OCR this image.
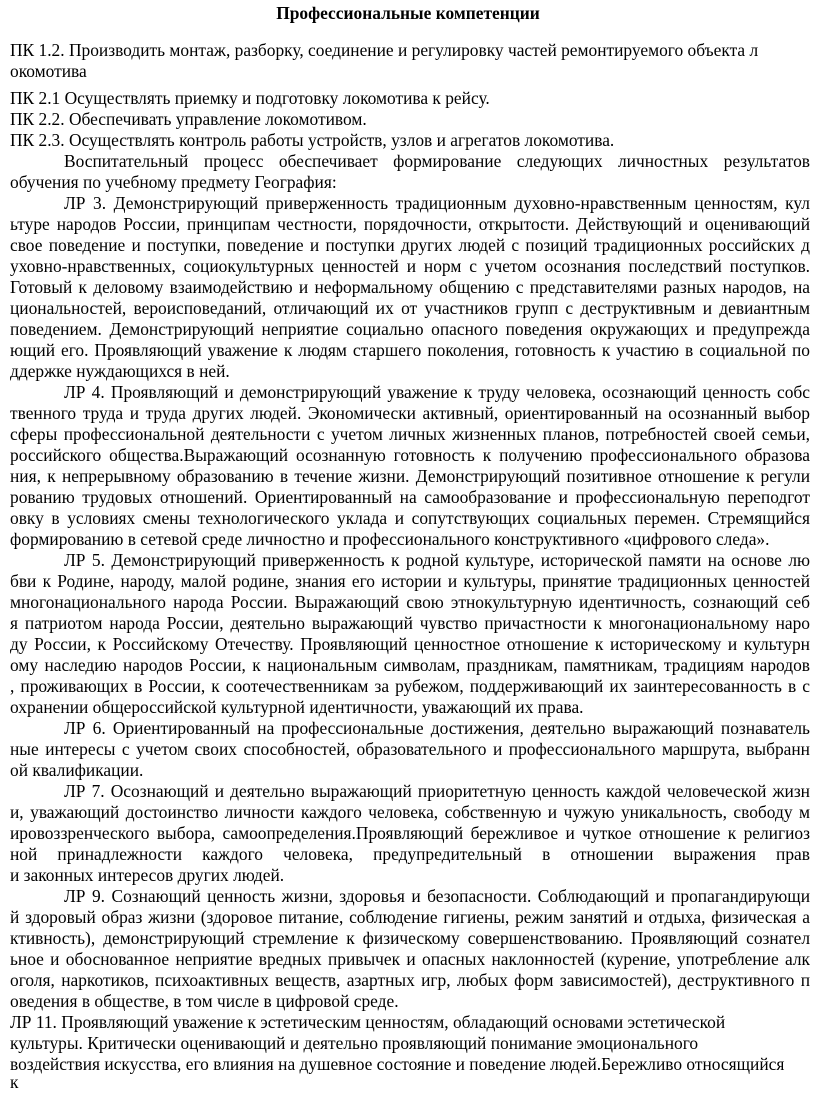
Профессиональные компетенции
ПК 1.2. Производить монтаж, разборку, соединение и регулировку частей ремонтируемого объекта л
окомотива
ПК 2.1 Осуществлять приемку и подготовку локомотива к рейсу.
ПК 2.2. Обеспечивать управление локомотивом.
ПК 2.3. Осуществлять контроль работы устройств, узлов и агрегатов локомотива.
Воспитательный процесс обеспечивает формирование следующих личностных результатов
обучения по учебному предмету География:
ЛР 3. Демонстрирующий приверженность традиционным духовно-нравственным ценностям, кул
ьтуре народов России, принципам честности, порядочности, открытости. Действующий и оценивающий
свое поведение и поступки, поведение и поступки других людей с позиций традиционных российских д
уховно-нравственных, социокультурных ценностей и норм с учетом осознания последствий поступков.
Готовый к деловому взаимодействию и неформальному общению с представителями разных народов, на
циональностей, вероисповеданий, отличающий их от участников групп с деструктивным и девиантным
поведением. Демонстрирующий неприятие социально опасного поведения окружающих и предупрежда
ющий его. Проявляющий уважение к людям старшего поколения, готовность к участию в социальной по
ддержке нуждающихся в ней.
ЛР 4. Проявляющий и демонстрирующий уважение к труду человека, осознающий ценность собс
твенного труда и труда других людей. Экономически активный, ориентированный на осознанный выбор
сферы профессиональной деятельности с учетом личных жизненных планов, потребностей своей семьи,
российского общества.Выражающий осознанную готовность к получению профессионального образова
ния, к непрерывному образованию в течение жизни. Демонстрирующий позитивное отношение к регули
рованию трудовых отношений. Ориентированный на самообразование и профессиональную переподгот
овку в условиях смены технологического уклада и сопутствующих социальных перемен. Стремящийся
формированию в сетевой среде личностно и профессионального конструктивного «цифрового следа».
ЛР 5. Демонстрирующий приверженность к родной культуре, исторической памяти на основе лю
бви к Родине, народу, малой родине, знания его истории и культуры, принятие традиционных ценностей
многонационального народа России. Выражающий свою этнокультурную идентичность, сознающий себ
я патриотом народа России, деятельно выражающий чувство причастности к многонациональному наро
ду России, к Российскому Отечеству. Проявляющий ценностное отношение к историческому и культурн
ому наследию народов России, к национальным символам, праздникам, памятникам, традициям народов
, проживающих в России, к соотечественникам за рубежом, поддерживающий их заинтересованность в с
охранении общероссийской культурной идентичности, уважающий их права.
ЛР 6. Ориентированный на профессиональные достижения, деятельно выражающий познаватель
ные интересы с учетом своих способностей, образовательного и профессионального маршрута, выбранн
ой квалификации.
ЛР 7. Осознающий и деятельно выражающий приоритетную ценность каждой человеческой жизн
и, уважающий достоинство личности каждого человека, собственную и чужую уникальность, свободу м
ировоззренческого выбора, самоопределения.Проявляющий бережливое и чуткое отношение к религиоз
ной принадлежности каждого человека, предупредительный в отношении выражения прав
и законных интересов других людей.
ЛР 9. Сознающий ценность жизни, здоровья и безопасности. Соблюдающий и пропагандирующи
й здоровый образ жизни (здоровое питание, соблюдение гигиены, режим занятий и отдыха, физическая а
ктивность), демонстрирующий стремление к физическому совершенствованию. Проявляющий сознател
ьное и обоснованное неприятие вредных привычек и опасных наклонностей (курение, употребление алк
оголя, наркотиков, психоактивных веществ, азартных игр, любых форм зависимостей), деструктивного п
оведения в обществе, в том числе в цифровой среде.
ЛР 11. Проявляющий уважение к эстетическим ценностям, обладающий основами эстетической
культуры. Критически оценивающий и деятельно проявляющий понимание эмоционального
воздействия искусства, его влияния на душевное состояние и поведение людей.Бережливо относящийся
к
